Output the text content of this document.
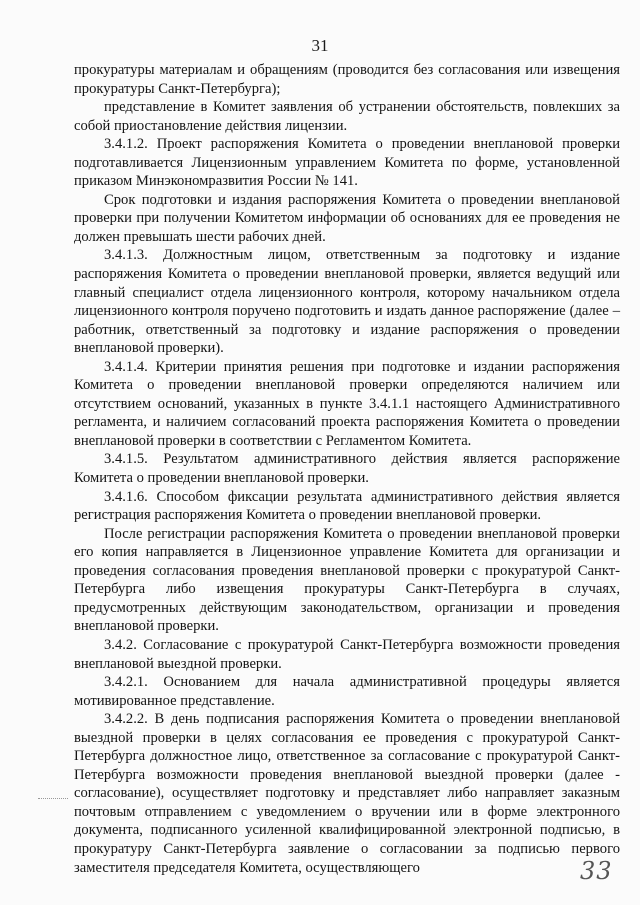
31

прокуратуры материалам и обращениям (проводится без согласования или извещения прокуратуры Санкт-Петербурга);

представление в Комитет заявления об устранении обстоятельств, повлекших за собой приостановление действия лицензии.

3.4.1.2. Проект распоряжения Комитета о проведении внеплановой проверки подготавливается Лицензионным управлением Комитета по форме, установленной приказом Минэкономразвития России № 141.

Срок подготовки и издания распоряжения Комитета о проведении внеплановой проверки при получении Комитетом информации об основаниях для ее проведения не должен превышать шести рабочих дней.

3.4.1.3. Должностным лицом, ответственным за подготовку и издание распоряжения Комитета о проведении внеплановой проверки, является ведущий или главный специалист отдела лицензионного контроля, которому начальником отдела лицензионного контроля поручено подготовить и издать данное распоряжение (далее – работник, ответственный за подготовку и издание распоряжения о проведении внеплановой проверки).

3.4.1.4. Критерии принятия решения при подготовке и издании распоряжения Комитета о проведении внеплановой проверки определяются наличием или отсутствием оснований, указанных в пункте 3.4.1.1 настоящего Административного регламента, и наличием согласований проекта распоряжения Комитета о проведении внеплановой проверки в соответствии с Регламентом Комитета.

3.4.1.5. Результатом административного действия является распоряжение Комитета о проведении внеплановой проверки.

3.4.1.6. Способом фиксации результата административного действия является регистрация распоряжения Комитета о проведении внеплановой проверки.

После регистрации распоряжения Комитета о проведении внеплановой проверки его копия направляется в Лицензионное управление Комитета для организации и проведения согласования проведения внеплановой проверки с прокуратурой Санкт-Петербурга либо извещения прокуратуры Санкт-Петербурга в случаях, предусмотренных действующим законодательством, организации и проведения внеплановой проверки.

3.4.2. Согласование с прокуратурой Санкт-Петербурга возможности проведения внеплановой выездной проверки.

3.4.2.1. Основанием для начала административной процедуры является мотивированное представление.

3.4.2.2. В день подписания распоряжения Комитета о проведении внеплановой выездной проверки в целях согласования ее проведения с прокуратурой Санкт-Петербурга должностное лицо, ответственное за согласование с прокуратурой Санкт-Петербурга возможности проведения внеплановой выездной проверки (далее - согласование), осуществляет подготовку и представляет либо направляет заказным почтовым отправлением с уведомлением о вручении или в форме электронного документа, подписанного усиленной квалифицированной электронной подписью, в прокуратуру Санкт-Петербурга заявление о согласовании за подписью первого заместителя председателя Комитета, осуществляющего	33
